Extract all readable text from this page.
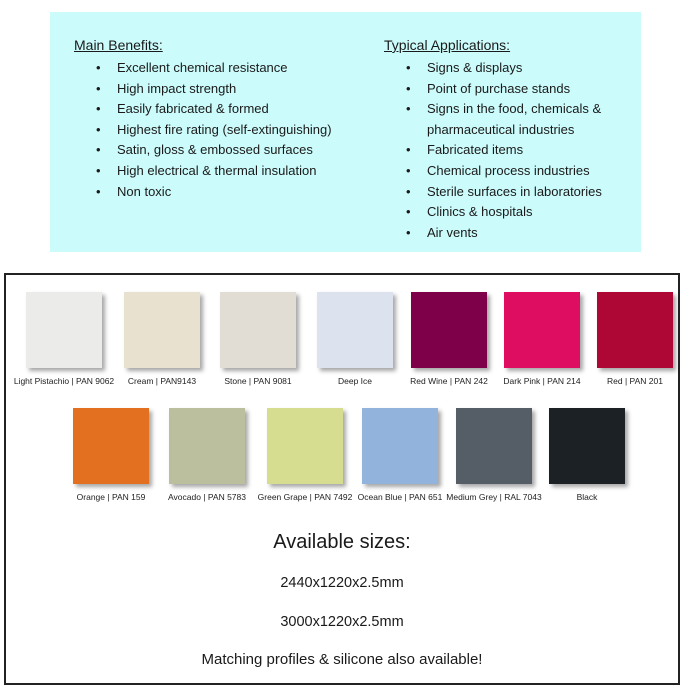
Main Benefits:
• Excellent chemical resistance
• High impact strength
• Easily fabricated & formed
• Highest fire rating (self-extinguishing)
• Satin, gloss & embossed surfaces
• High electrical & thermal insulation
• Non toxic
Typical Applications:
• Signs & displays
• Point of purchase stands
• Signs in the food, chemicals &
pharmaceutical industries
• Fabricated items
• Chemical process industries
• Sterile surfaces in laboratories
• Clinics & hospitals
• Air vents
Light Pistachio | PAN 9062	Cream | PAN9143	Stone | PAN 9081	Deep Ice	Red Wine | PAN 242	Dark Pink | PAN 214	Red | PAN 201
Orange | PAN 159	Avocado | PAN 5783	Green Grape | PAN 7492 Ocean Blue | PAN 651 Medium Grey | RAL 7043	Black
Available sizes:
2440x1220x2.5mm
3000x1220x2.5mm
Matching profiles & silicone also available!
